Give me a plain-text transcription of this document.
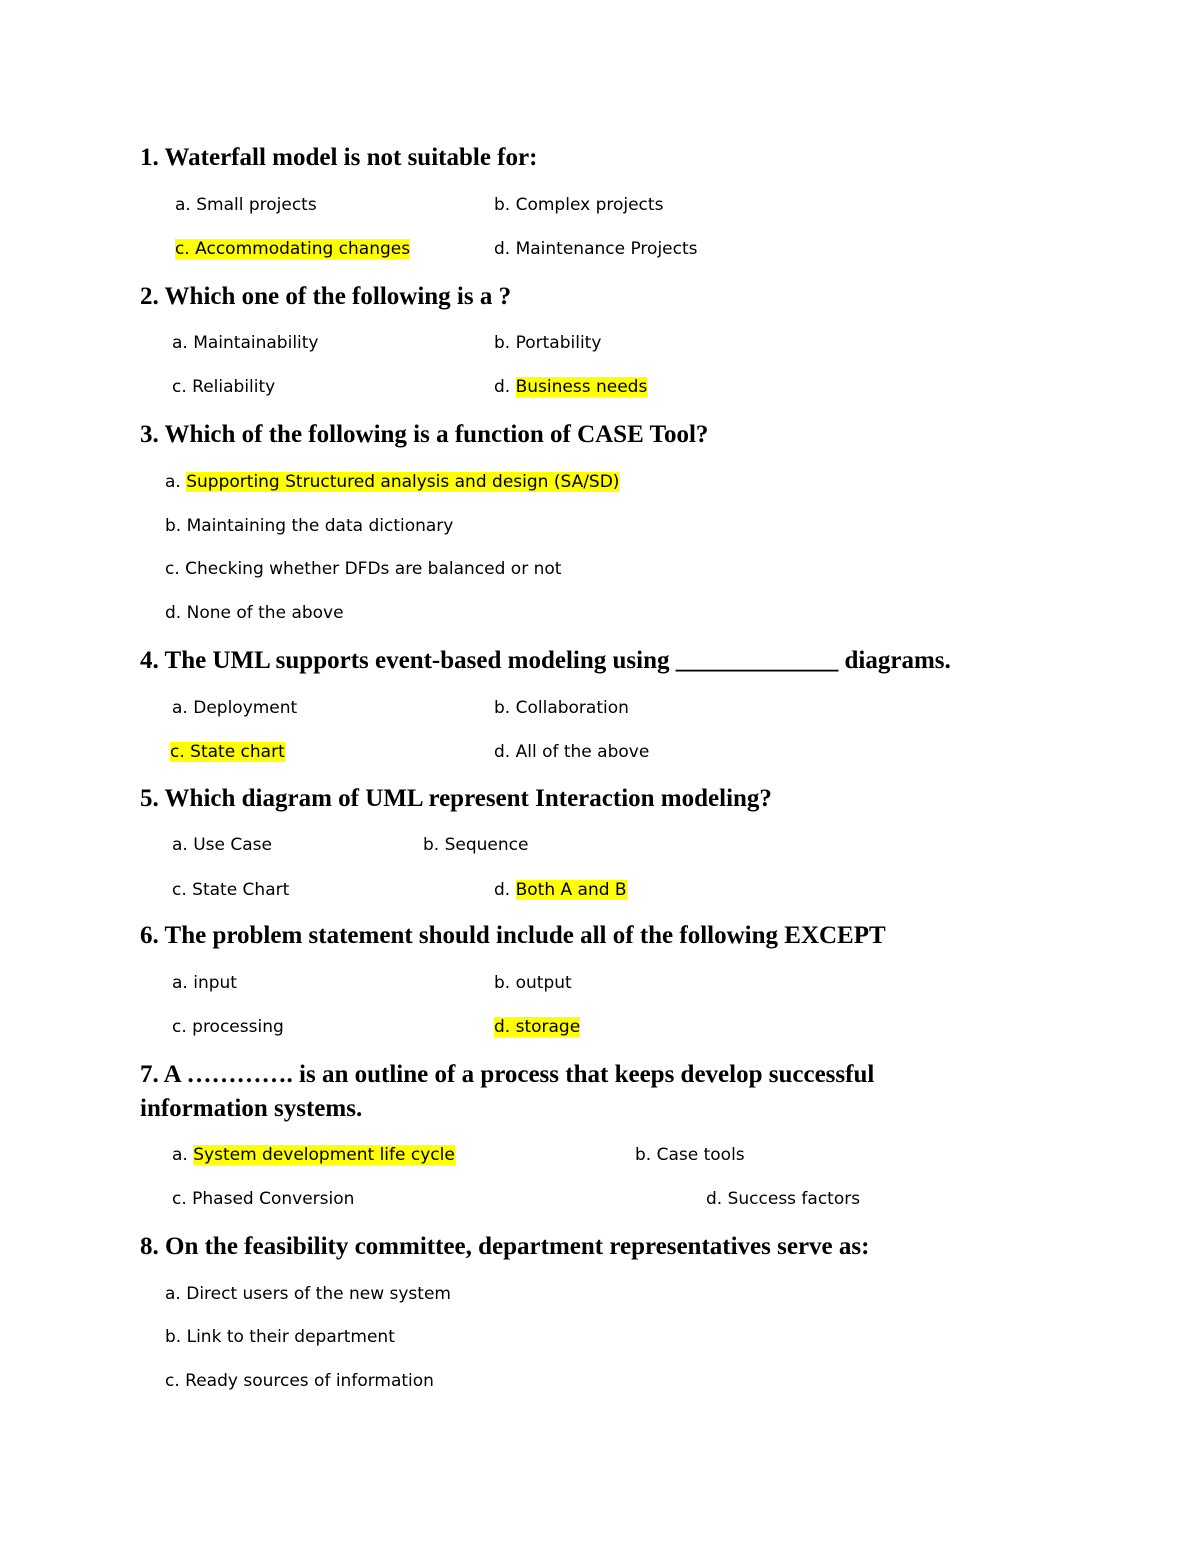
1. Waterfall model is not suitable for:
a. Small projects	b. Complex projects
c. Accommodating changes	d. Maintenance Projects
2. Which one of the following is a ?
a. Maintainability	b. Portability
c. Reliability	d. Business needs
3. Which of the following is a function of CASE Tool?
a. Supporting Structured analysis and design (SA/SD)
b. Maintaining the data dictionary
c. Checking whether DFDs are balanced or not
d. None of the above
4. The UML supports event-based modeling using _____________ diagrams.
a. Deployment	b. Collaboration
c. State chart	d. All of the above
5. Which diagram of UML represent Interaction modeling?
a. Use Case	b. Sequence
c. State Chart	d. Both A and B
6. The problem statement should include all of the following EXCEPT
a. input	b. output
c. processing	d. storage
7. A …………. is an outline of a process that keeps develop successful
information systems.
a. System development life cycle	b. Case tools
c. Phased Conversion	d. Success factors
8. On the feasibility committee, department representatives serve as:
a. Direct users of the new system
b. Link to their department
c. Ready sources of information
